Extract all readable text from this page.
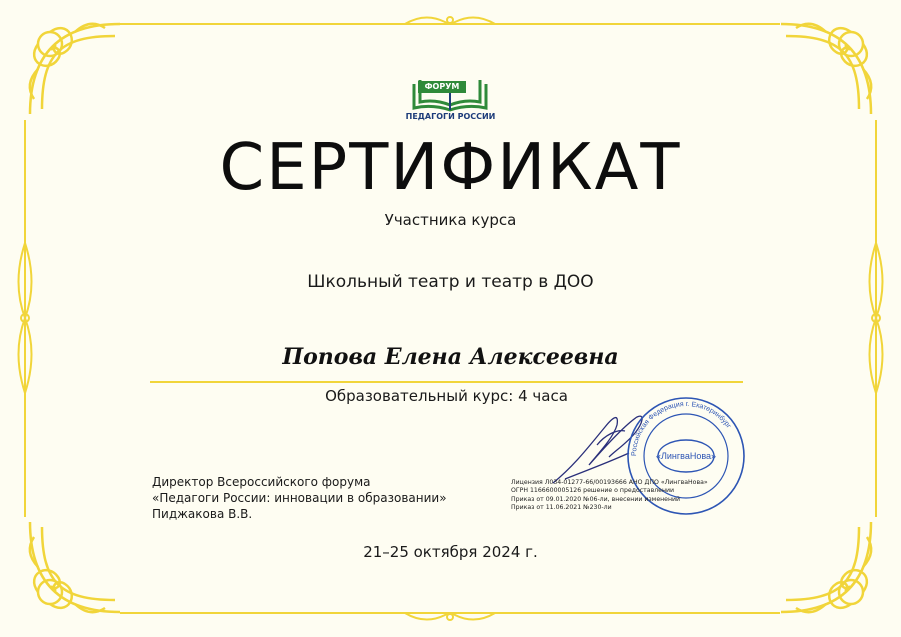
ФОРУМ
ПЕДАГОГИ РОССИИ
СЕРТИФИКАТ
Участника курса
Школьный театр и театр в ДОО
Попова Елена Алексеевна
Образовательный курс: 4 часа
Директор Всероссийского форума
«Педагоги России: инновации в образовании»
Пиджакова В.В.
Российская Федерация г. Екатеринбург
«ЛингваНова»
Лицензия Л034-01277-66/00193666 АНО ДПО «ЛингваНова»
ОГРН 1166600005126 решение о предоставлении
Приказ от 09.01.2020 №06-ли, внесении изменений
Приказ от 11.06.2021 №230-ли
21–25 октября 2024 г.
